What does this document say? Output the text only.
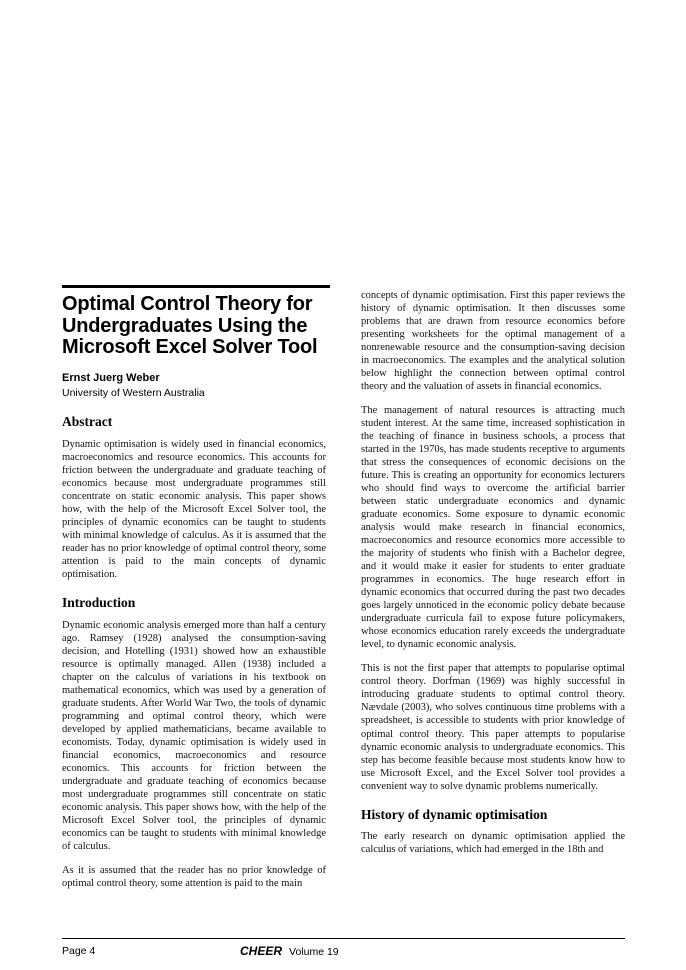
Optimal Control Theory for Undergraduates Using the Microsoft Excel Solver Tool

Ernst Juerg Weber

University of Western Australia

Abstract

Dynamic optimisation is widely used in financial economics, macroeconomics and resource economics. This accounts for friction between the undergraduate and graduate teaching of economics because most undergraduate programmes still concentrate on static economic analysis. This paper shows how, with the help of the Microsoft Excel Solver tool, the principles of dynamic economics can be taught to students with minimal knowledge of calculus. As it is assumed that the reader has no prior knowledge of optimal control theory, some attention is paid to the main concepts of dynamic optimisation.

Introduction

Dynamic economic analysis emerged more than half a century ago. Ramsey (1928) analysed the consumption-saving decision, and Hotelling (1931) showed how an exhaustible resource is optimally managed. Allen (1938) included a chapter on the calculus of variations in his textbook on mathematical economics, which was used by a generation of graduate students. After World War Two, the tools of dynamic programming and optimal control theory, which were developed by applied mathematicians, became available to economists. Today, dynamic optimisation is widely used in financial economics, macroeconomics and resource economics. This accounts for friction between the undergraduate and graduate teaching of economics because most undergraduate programmes still concentrate on static economic analysis. This paper shows how, with the help of the Microsoft Excel Solver tool, the principles of dynamic economics can be taught to students with minimal knowledge of calculus.

As it is assumed that the reader has no prior knowledge of optimal control theory, some attention is paid to the main

concepts of dynamic optimisation. First this paper reviews the history of dynamic optimisation. It then discusses some problems that are drawn from resource economics before presenting worksheets for the optimal management of a nonrenewable resource and the consumption-saving decision in macroeconomics. The examples and the analytical solution below highlight the connection between optimal control theory and the valuation of assets in financial economics.

The management of natural resources is attracting much student interest. At the same time, increased sophistication in the teaching of finance in business schools, a process that started in the 1970s, has made students receptive to arguments that stress the consequences of economic decisions on the future. This is creating an opportunity for economics lecturers who should find ways to overcome the artificial barrier between static undergraduate economics and dynamic graduate economics. Some exposure to dynamic economic analysis would make research in financial economics, macroeconomics and resource economics more accessible to the majority of students who finish with a Bachelor degree, and it would make it easier for students to enter graduate programmes in economics. The huge research effort in dynamic economics that occurred during the past two decades goes largely unnoticed in the economic policy debate because undergraduate curricula fail to expose future policymakers, whose economics education rarely exceeds the undergraduate level, to dynamic economic analysis.

This is not the first paper that attempts to popularise optimal control theory. Dorfman (1969) was highly successful in introducing graduate students to optimal control theory. Nævdale (2003), who solves continuous time problems with a spreadsheet, is accessible to students with prior knowledge of optimal control theory. This paper attempts to popularise dynamic economic analysis to undergraduate economics. This step has become feasible because most students know how to use Microsoft Excel, and the Excel Solver tool provides a convenient way to solve dynamic problems numerically.

History of dynamic optimisation

The early research on dynamic optimisation applied the calculus of variations, which had emerged in the 18th and

Page 4	CHEER Volume 19
